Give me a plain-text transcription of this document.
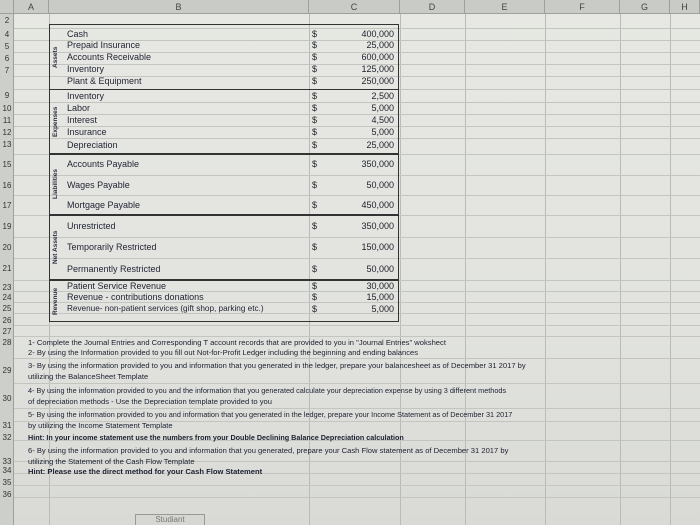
A	B	C	D	E	F	G	H
2
4
5
6
7
9
10
11
12
13
15
16
17
19
20
21
23
24
25
26
27
28
29
30
31
32
33
34
35
36
Assets
Expenses
Liabilities
Net Assets
Revenue
Cash	$	400,000
Prepaid Insurance	$	25,000
Accounts Receivable	$	600,000
Inventory	$	125,000
Plant & Equipment	$	250,000
Inventory	$	2,500
Labor	$	5,000
Interest	$	4,500
Insurance	$	5,000
Depreciation	$	25,000
Accounts Payable	$	350,000
Wages Payable	$	50,000
Mortgage Payable	$	450,000
Unrestricted	$	350,000
Temporarily Restricted	$	150,000
Permanently Restricted	$	50,000
Patient Service Revenue	$	30,000
Revenue - contributions donations	$	15,000
Revenue- non-patient services (gift shop, parking etc.)	$	5,000
1- Complete the Journal Entries and Corresponding T account records that are provided to you in "Journal Entries" wokshect
2- By using the Information provided to you fill out Not-for-Profit Ledger including the beginning and ending balances
3- By using the information provided to you and information that you generated in the ledger, prepare your balancesheet as of December 31 2017 by
utilizing the BalanceSheet Template
4- By using the information provided to you and the information that you generated calculate your depreciation expense by using 3 different methods
of depreciation methods - Use the Depreciation template provided to you
5- By using the information provided to you and information that you generated in the ledger, prepare your Income Statement as of December 31 2017
by utilizing the Income Statement Template
Hint: In your income statement use the numbers from your Double Declining Balance Depreciation calculation
6- By using the information provided to you and information that you generated, prepare your Cash Flow statement as of December 31 2017 by
utilizing the Statement of the Cash Flow Template
Hint: Please use the direct method for your Cash Flow Statement
Studiant
